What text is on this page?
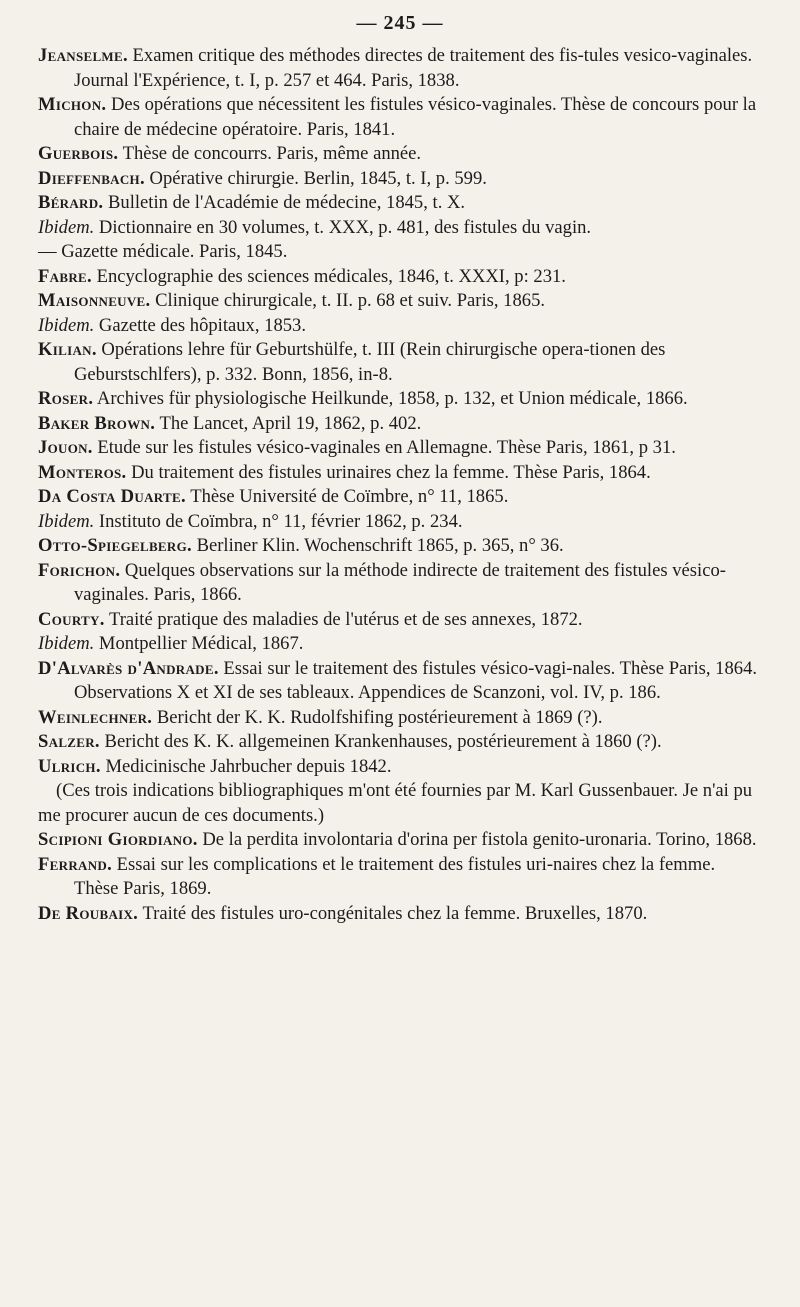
— 245 —

Jeanselme. Examen critique des méthodes directes de traitement des fis-tules vesico-vaginales. Journal l'Expérience, t. I, p. 257 et 464. Paris, 1838.

Michon. Des opérations que nécessitent les fistules vésico-vaginales. Thèse de concours pour la chaire de médecine opératoire. Paris, 1841.

Guerbois. Thèse de concourrs. Paris, même année.

Dieffenbach. Opérative chirurgie. Berlin, 1845, t. I, p. 599.

Bérard. Bulletin de l'Académie de médecine, 1845, t. X.

Ibidem. Dictionnaire en 30 volumes, t. XXX, p. 481, des fistules du vagin.

— Gazette médicale. Paris, 1845.

Fabre. Encyclographie des sciences médicales, 1846, t. XXXI, p: 231.

Maisonneuve. Clinique chirurgicale, t. II. p. 68 et suiv. Paris, 1865.

Ibidem. Gazette des hôpitaux, 1853.

Kilian. Opérations lehre für Geburtshülfe, t. III (Rein chirurgische opera-tionen des Geburstschlfers), p. 332. Bonn, 1856, in-8.

Roser. Archives für physiologische Heilkunde, 1858, p. 132, et Union médicale, 1866.

Baker Brown. The Lancet, April 19, 1862, p. 402.

Jouon. Etude sur les fistules vésico-vaginales en Allemagne. Thèse Paris, 1861, p 31.

Monteros. Du traitement des fistules urinaires chez la femme. Thèse Paris, 1864.

Da Costa Duarte. Thèse Université de Coïmbre, n° 11, 1865.

Ibidem. Instituto de Coïmbra, n° 11, février 1862, p. 234.

Otto-Spiegelberg. Berliner Klin. Wochenschrift 1865, p. 365, n° 36.

Forichon. Quelques observations sur la méthode indirecte de traitement des fistules vésico-vaginales. Paris, 1866.

Courty. Traité pratique des maladies de l'utérus et de ses annexes, 1872.

Ibidem. Montpellier Médical, 1867.

D'Alvarès d'Andrade. Essai sur le traitement des fistules vésico-vagi-nales. Thèse Paris, 1864. Observations X et XI de ses tableaux. Appendices de Scanzoni, vol. IV, p. 186.

Weinlechner. Bericht der K. K. Rudolfshifing postérieurement à 1869 (?).

Salzer. Bericht des K. K. allgemeinen Krankenhauses, postérieurement à 1860 (?).

Ulrich. Medicinische Jahrbucher depuis 1842.

(Ces trois indications bibliographiques m'ont été fournies par M. Karl Gussenbauer. Je n'ai pu me procurer aucun de ces documents.)

Scipioni Giordiano. De la perdita involontaria d'orina per fistola genito-uronaria. Torino, 1868.

Ferrand. Essai sur les complications et le traitement des fistules uri-naires chez la femme. Thèse Paris, 1869.

De Roubaix. Traité des fistules uro-congénitales chez la femme. Bruxelles, 1870.
